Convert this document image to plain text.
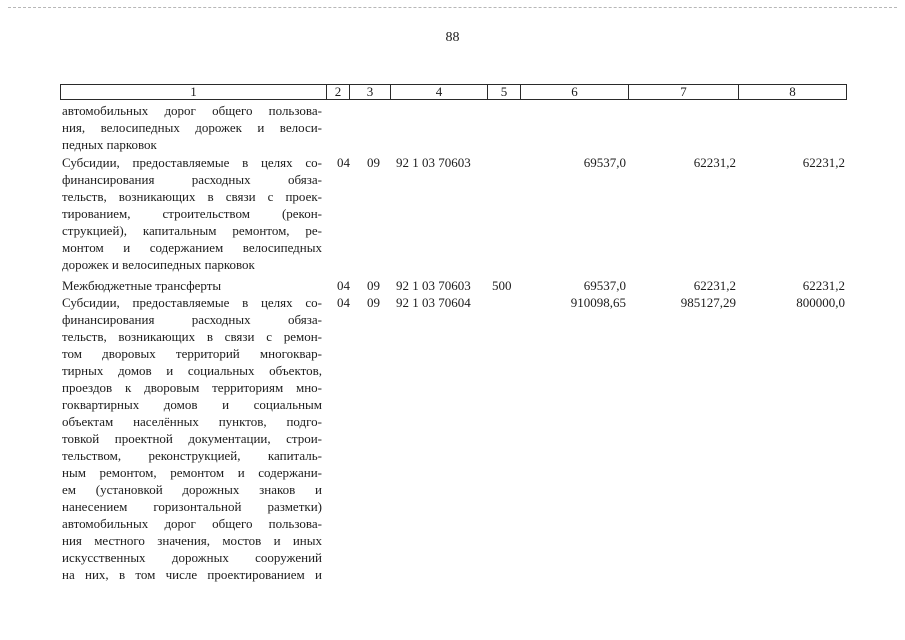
88
1	2	3	4	5	6	7	8
автомобильных дорог общего пользова-
ния, велосипедных дорожек и велоси-
педных парковок
Субсидии, предоставляемые в целях со-
финансирования расходных обяза-
тельств, возникающих в связи с проек-
тированием, строительством (рекон-
струкцией), капитальным ремонтом, ре-
монтом и содержанием велосипедных
дорожек и велосипедных парковок
04 09 92 1 03 70603	69537,0	62231,2	62231,2
Межбюджетные трансферты	04 09 92 1 03 70603 500	69537,0	62231,2	62231,2
Субсидии, предоставляемые в целях со-
финансирования расходных обяза-
тельств, возникающих в связи с ремон-
том дворовых территорий многоквар-
тирных домов и социальных объектов,
проездов к дворовым территориям мно-
гоквартирных домов и социальным
объектам населённых пунктов, подго-
товкой проектной документации, строи-
тельством, реконструкцией, капиталь-
ным ремонтом, ремонтом и содержани-
ем (установкой дорожных знаков и
нанесением горизонтальной разметки)
автомобильных дорог общего пользова-
ния местного значения, мостов и иных
искусственных дорожных сооружений
на них, в том числе проектированием и
04 09 92 1 03 70604	910098,65	985127,29	800000,0
